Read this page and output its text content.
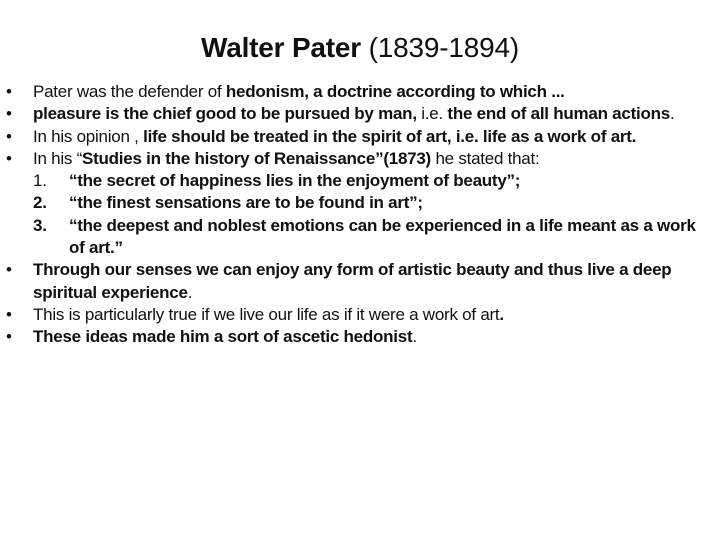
Walter Pater (1839-1894)
•	Pater was the defender of hedonism, a doctrine according to which ...
•	pleasure is the chief good to be pursued by man, i.e. the end of all human actions.
•	In his opinion , life should be treated in the spirit of art, i.e. life as a work of art.
•	In his “Studies in the history of Renaissance”(1873) he stated that:
1.	“the secret of happiness lies in the enjoyment of beauty”;
2.	“the finest sensations are to be found in art”;
3.	“the deepest and noblest emotions can be experienced in a life meant as a work of art.”
•	Through our senses we can enjoy any form of artistic beauty and thus live a deep spiritual experience.
•	This is particularly true if we live our life as if it were a work of art.
•	These ideas made him a sort of ascetic hedonist.
